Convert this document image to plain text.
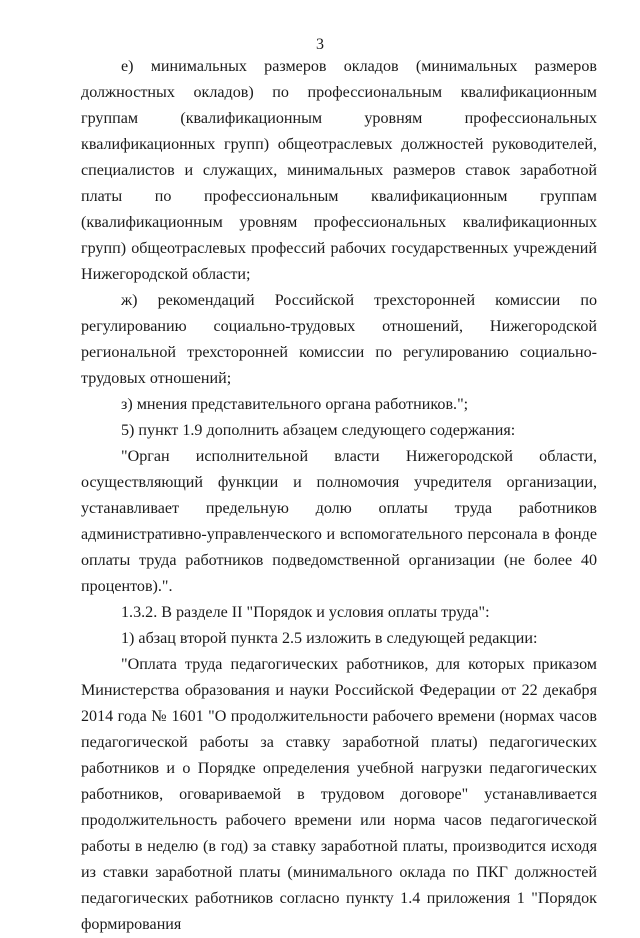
3

е) минимальных размеров окладов (минимальных размеров должностных окладов) по профессиональным квалификационным группам (квалификационным уровням профессиональных квалификационных групп) общеотраслевых должностей руководителей, специалистов и служащих, минимальных размеров ставок заработной платы по профессиональным квалификационным группам (квалификационным уровням профессиональных квалификационных групп) общеотраслевых профессий рабочих государственных учреждений Нижегородской области;

ж) рекомендаций Российской трехсторонней комиссии по регулированию социально-трудовых отношений, Нижегородской региональной трехсторонней комиссии по регулированию социально-трудовых отношений;

з) мнения представительного органа работников.";

5) пункт 1.9 дополнить абзацем следующего содержания:

"Орган исполнительной власти Нижегородской области, осуществляющий функции и полномочия учредителя организации, устанавливает предельную долю оплаты труда работников административно-управленческого и вспомогательного персонала в фонде оплаты труда работников подведомственной организации (не более 40 процентов).".

1.3.2. В разделе II "Порядок и условия оплаты труда":

1) абзац второй пункта 2.5 изложить в следующей редакции:

"Оплата труда педагогических работников, для которых приказом Министерства образования и науки Российской Федерации от 22 декабря 2014 года № 1601 "О продолжительности рабочего времени (нормах часов педагогической работы за ставку заработной платы) педагогических работников и о Порядке определения учебной нагрузки педагогических работников, оговариваемой в трудовом договоре" устанавливается продолжительность рабочего времени или норма часов педагогической работы в неделю (в год) за ставку заработной платы, производится исходя из ставки заработной платы (минимального оклада по ПКГ должностей педагогических работников согласно пункту 1.4 приложения 1 "Порядок формирования
